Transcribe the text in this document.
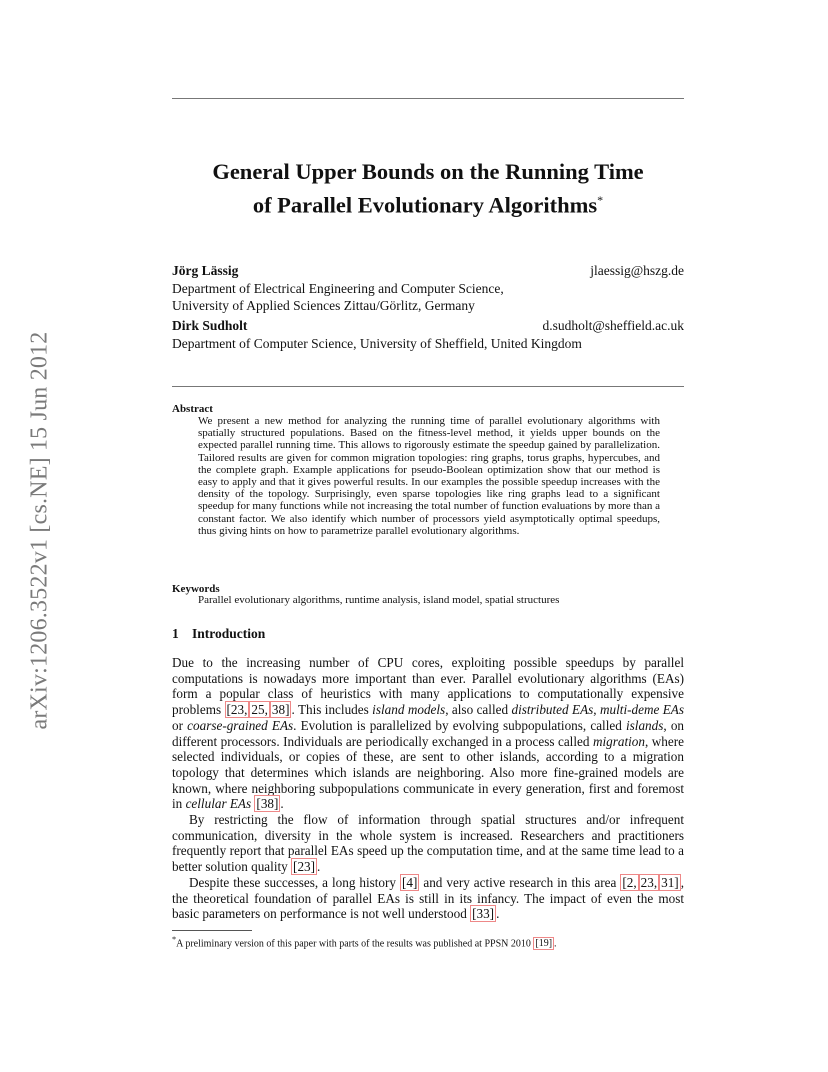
arXiv:1206.3522v1 [cs.NE] 15 Jun 2012
General Upper Bounds on the Running Time
of Parallel Evolutionary Algorithms*
Jörg Lässig	jlaessig@hszg.de
Department of Electrical Engineering and Computer Science,
University of Applied Sciences Zittau/Görlitz, Germany
Dirk Sudholt	d.sudholt@sheffield.ac.uk
Department of Computer Science, University of Sheffield, United Kingdom
Abstract
We present a new method for analyzing the running time of parallel evolutionary algorithms with spatially structured populations. Based on the fitness-level method, it yields upper bounds on the expected parallel running time. This allows to rigorously estimate the speedup gained by parallelization. Tailored results are given for common migration topologies: ring graphs, torus graphs, hypercubes, and the complete graph. Example applications for pseudo-Boolean optimization show that our method is easy to apply and that it gives powerful results. In our examples the possible speedup increases with the density of the topology. Surprisingly, even sparse topologies like ring graphs lead to a significant speedup for many functions while not increasing the total number of function evaluations by more than a constant factor. We also identify which number of processors yield asymptotically optimal speedups, thus giving hints on how to parametrize parallel evolutionary algorithms.
Keywords
Parallel evolutionary algorithms, runtime analysis, island model, spatial structures
1 Introduction

Due to the increasing number of CPU cores, exploiting possible speedups by parallel computations is nowadays more important than ever. Parallel evolutionary algorithms (EAs) form a popular class of heuristics with many applications to computationally expensive problems [23, 25, 38] . This includes island models, also called distributed EAs, multi-deme EAs or coarse-grained EAs. Evolution is parallelized by evolving subpopulations, called islands, on different processors. Individuals are periodically exchanged in a process called migration, where selected individuals, or copies of these, are sent to other islands, according to a migration topology that determines which islands are neighboring. Also more fine-grained models are known, where neighboring subpopulations communicate in every generation, first and foremost in cellular EAs [38] .

By restricting the flow of information through spatial structures and/or infrequent communication, diversity in the whole system is increased. Researchers and practitioners frequently report that parallel EAs speed up the computation time, and at the same time lead to a better solution quality [23] .

Despite these successes, a long history [4] and very active research in this area [2, 23, 31] , the theoretical foundation of parallel EAs is still in its infancy. The impact of even the most basic parameters on performance is not well understood [33] .

*A preliminary version of this paper with parts of the results was published at PPSN 2010 [19] .
